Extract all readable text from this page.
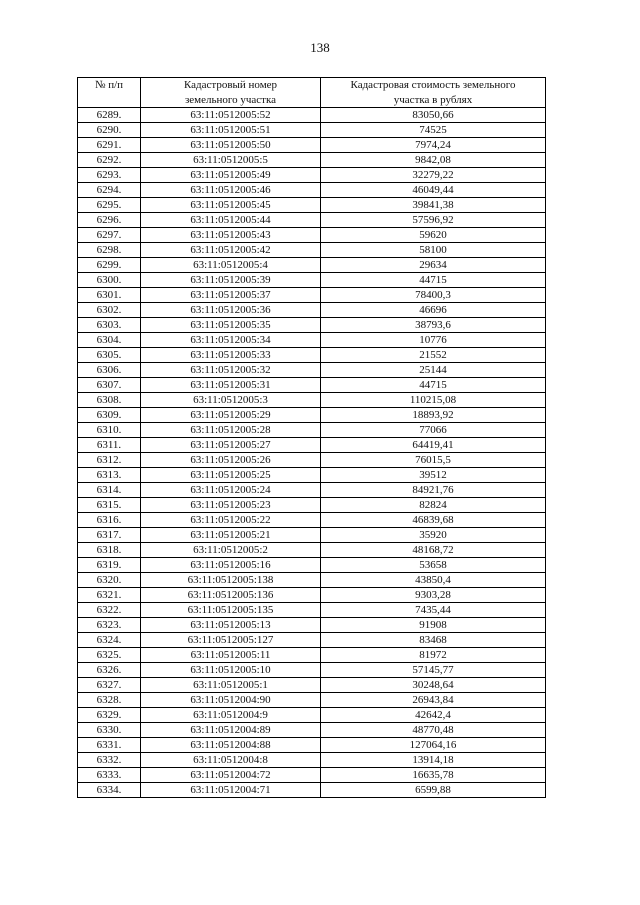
138
№ п/п	Кадастровый номер земельного участка	Кадастровая стоимость земельного участка в рублях
6289.	63:11:0512005:52	83050,66
6290.	63:11:0512005:51	74525
6291.	63:11:0512005:50	7974,24
6292.	63:11:0512005:5	9842,08
6293.	63:11:0512005:49	32279,22
6294.	63:11:0512005:46	46049,44
6295.	63:11:0512005:45	39841,38
6296.	63:11:0512005:44	57596,92
6297.	63:11:0512005:43	59620
6298.	63:11:0512005:42	58100
6299.	63:11:0512005:4	29634
6300.	63:11:0512005:39	44715
6301.	63:11:0512005:37	78400,3
6302.	63:11:0512005:36	46696
6303.	63:11:0512005:35	38793,6
6304.	63:11:0512005:34	10776
6305.	63:11:0512005:33	21552
6306.	63:11:0512005:32	25144
6307.	63:11:0512005:31	44715
6308.	63:11:0512005:3	110215,08
6309.	63:11:0512005:29	18893,92
6310.	63:11:0512005:28	77066
6311.	63:11:0512005:27	64419,41
6312.	63:11:0512005:26	76015,5
6313.	63:11:0512005:25	39512
6314.	63:11:0512005:24	84921,76
6315.	63:11:0512005:23	82824
6316.	63:11:0512005:22	46839,68
6317.	63:11:0512005:21	35920
6318.	63:11:0512005:2	48168,72
6319.	63:11:0512005:16	53658
6320.	63:11:0512005:138	43850,4
6321.	63:11:0512005:136	9303,28
6322.	63:11:0512005:135	7435,44
6323.	63:11:0512005:13	91908
6324.	63:11:0512005:127	83468
6325.	63:11:0512005:11	81972
6326.	63:11:0512005:10	57145,77
6327.	63:11:0512005:1	30248,64
6328.	63:11:0512004:90	26943,84
6329.	63:11:0512004:9	42642,4
6330.	63:11:0512004:89	48770,48
6331.	63:11:0512004:88	127064,16
6332.	63:11:0512004:8	13914,18
6333.	63:11:0512004:72	16635,78
6334.	63:11:0512004:71	6599,88
